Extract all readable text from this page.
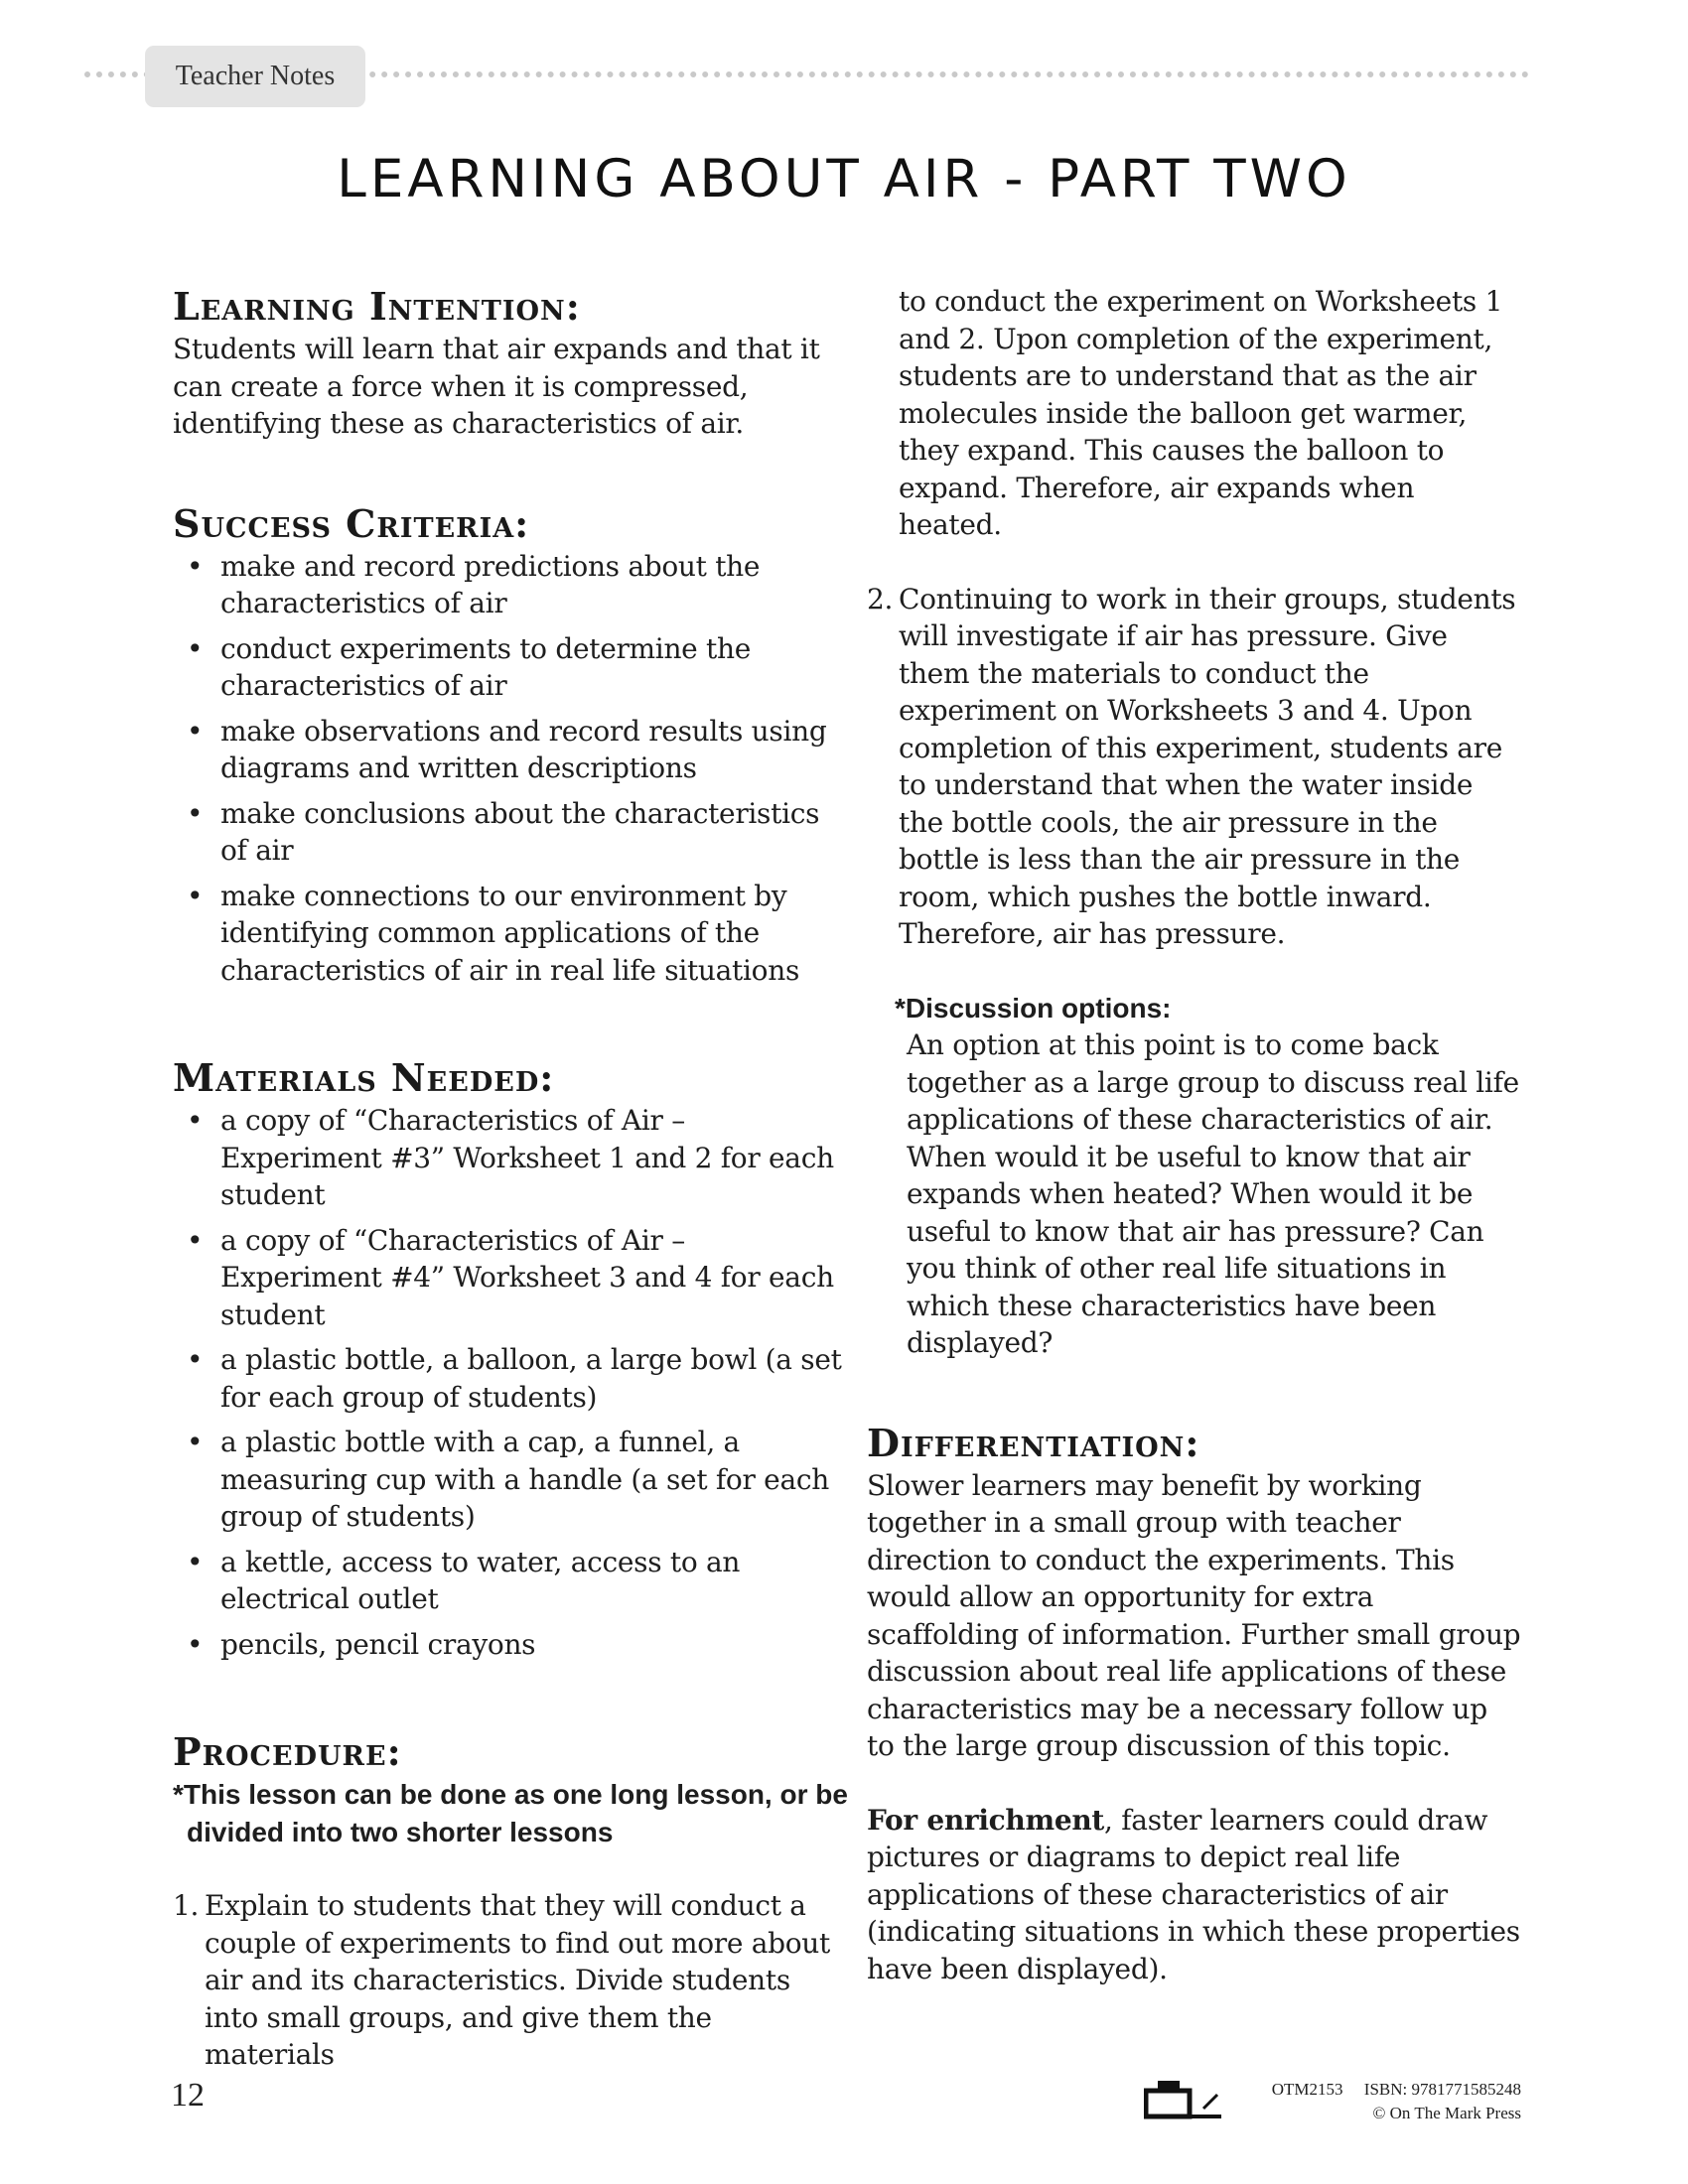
Teacher Notes
LEARNING ABOUT AIR - PART TWO
Learning Intention:

Students will learn that air expands and that it can create a force when it is compressed, identifying these as characteristics of air.

Success Criteria:
• make and record predictions about the characteristics of air
• conduct experiments to determine the characteristics of air
• make observations and record results using diagrams and written descriptions
• make conclusions about the characteristics of air
• make connections to our environment by identifying common applications of the characteristics of air in real life situations
Materials Needed:
• a copy of “Characteristics of Air – Experiment #3” Worksheet 1 and 2 for each student
• a copy of “Characteristics of Air – Experiment #4” Worksheet 3 and 4 for each student
• a plastic bottle, a balloon, a large bowl (a set for each group of students)
• a plastic bottle with a cap, a funnel, a measuring cup with a handle (a set for each group of students)
• a kettle, access to water, access to an electrical outlet
• pencils, pencil crayons
Procedure:

*This lesson can be done as one long lesson, or be divided into two shorter lessons

1. Explain to students that they will conduct a couple of experiments to find out more about air and its characteristics. Divide students into small groups, and give them the materials

to conduct the experiment on Worksheets 1 and 2. Upon completion of the experiment, students are to understand that as the air molecules inside the balloon get warmer, they expand. This causes the balloon to expand. Therefore, air expands when heated.

2. Continuing to work in their groups, students will investigate if air has pressure. Give them the materials to conduct the experiment on Worksheets 3 and 4. Upon completion of this experiment, students are to understand that when the water inside the bottle cools, the air pressure in the bottle is less than the air pressure in the room, which pushes the bottle inward. Therefore, air has pressure.

*Discussion options:

An option at this point is to come back together as a large group to discuss real life applications of these characteristics of air. When would it be useful to know that air expands when heated? When would it be useful to know that air has pressure? Can you think of other real life situations in which these characteristics have been displayed?

Differentiation:

Slower learners may benefit by working together in a small group with teacher direction to conduct the experiments. This would allow an opportunity for extra scaffolding of information. Further small group discussion about real life applications of these characteristics may be a necessary follow up to the large group discussion of this topic.

For enrichment, faster learners could draw pictures or diagrams to depict real life applications of these characteristics of air (indicating situations in which these properties have been displayed).

12	OTM2153     ISBN: 9781771585248
© On The Mark Press
